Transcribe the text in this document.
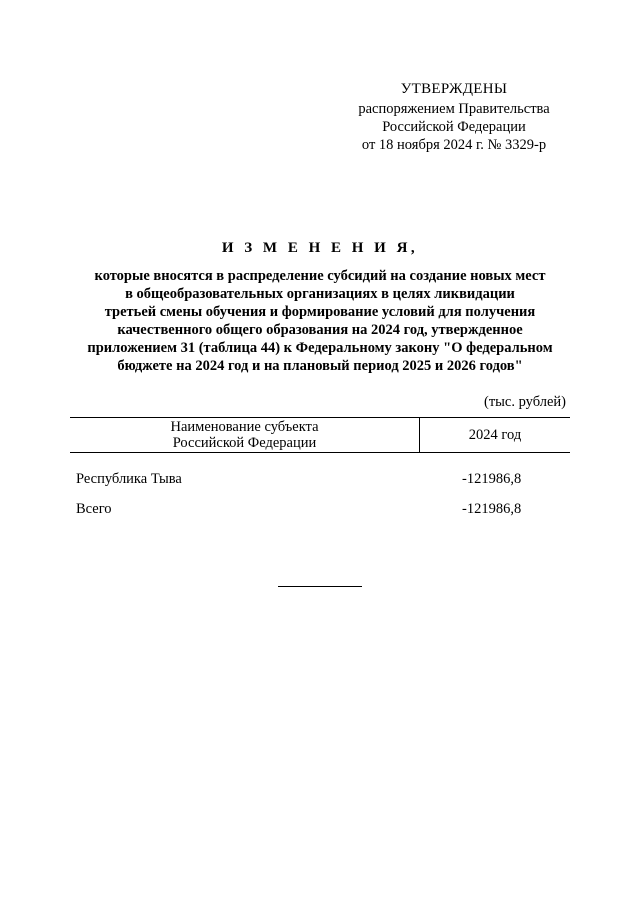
УТВЕРЖДЕНЫ
распоряжением Правительства
Российской Федерации
от 18 ноября 2024 г. № 3329-р
И З М Е Н Е Н И Я,
которые вносятся в распределение субсидий на создание новых мест
в общеобразовательных организациях в целях ликвидации
третьей смены обучения и формирование условий для получения
качественного общего образования на 2024 год, утвержденное
приложением 31 (таблица 44) к Федеральному закону "О федеральном
бюджете на 2024 год и на плановый период 2025 и 2026 годов"
(тыс. рублей)
Наименование субъекта
Российской Федерации
2024 год
Республика Тыва	-121986,8
Всего	-121986,8
